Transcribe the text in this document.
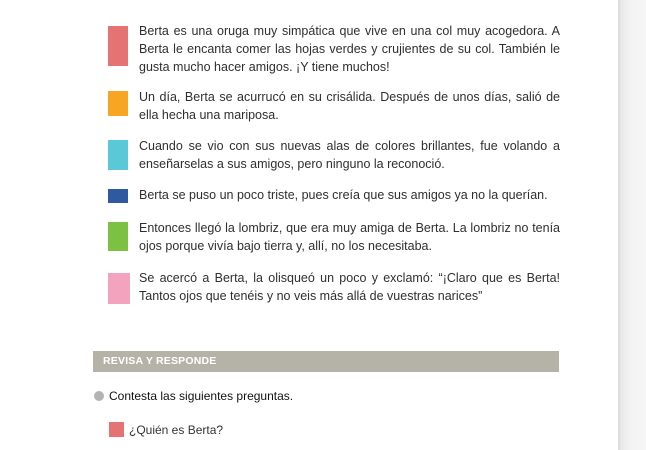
Berta es una oruga muy simpática que vive en una col muy acogedora. A Berta le encanta comer las hojas verdes y crujientes de su col. También le gusta mucho hacer amigos. ¡Y tiene muchos!
Un día, Berta se acurrucó en su crisálida. Después de unos días, salió de ella hecha una mariposa.
Cuando se vio con sus nuevas alas de colores brillantes, fue volando a enseñarselas a sus amigos, pero ninguno la reconoció.
Berta se puso un poco triste, pues creía que sus amigos ya no la querían.
Entonces llegó la lombriz, que era muy amiga de Berta. La lombriz no tenía ojos porque vivía bajo tierra y, allí, no los necesitaba.
Se acercó a Berta, la olisqueó un poco y exclamó: “¡Claro que es Berta! Tantos ojos que tenéis y no veis más allá de vuestras narices”
REVISA Y RESPONDE
Contesta las siguientes preguntas.
¿Quién es Berta?
